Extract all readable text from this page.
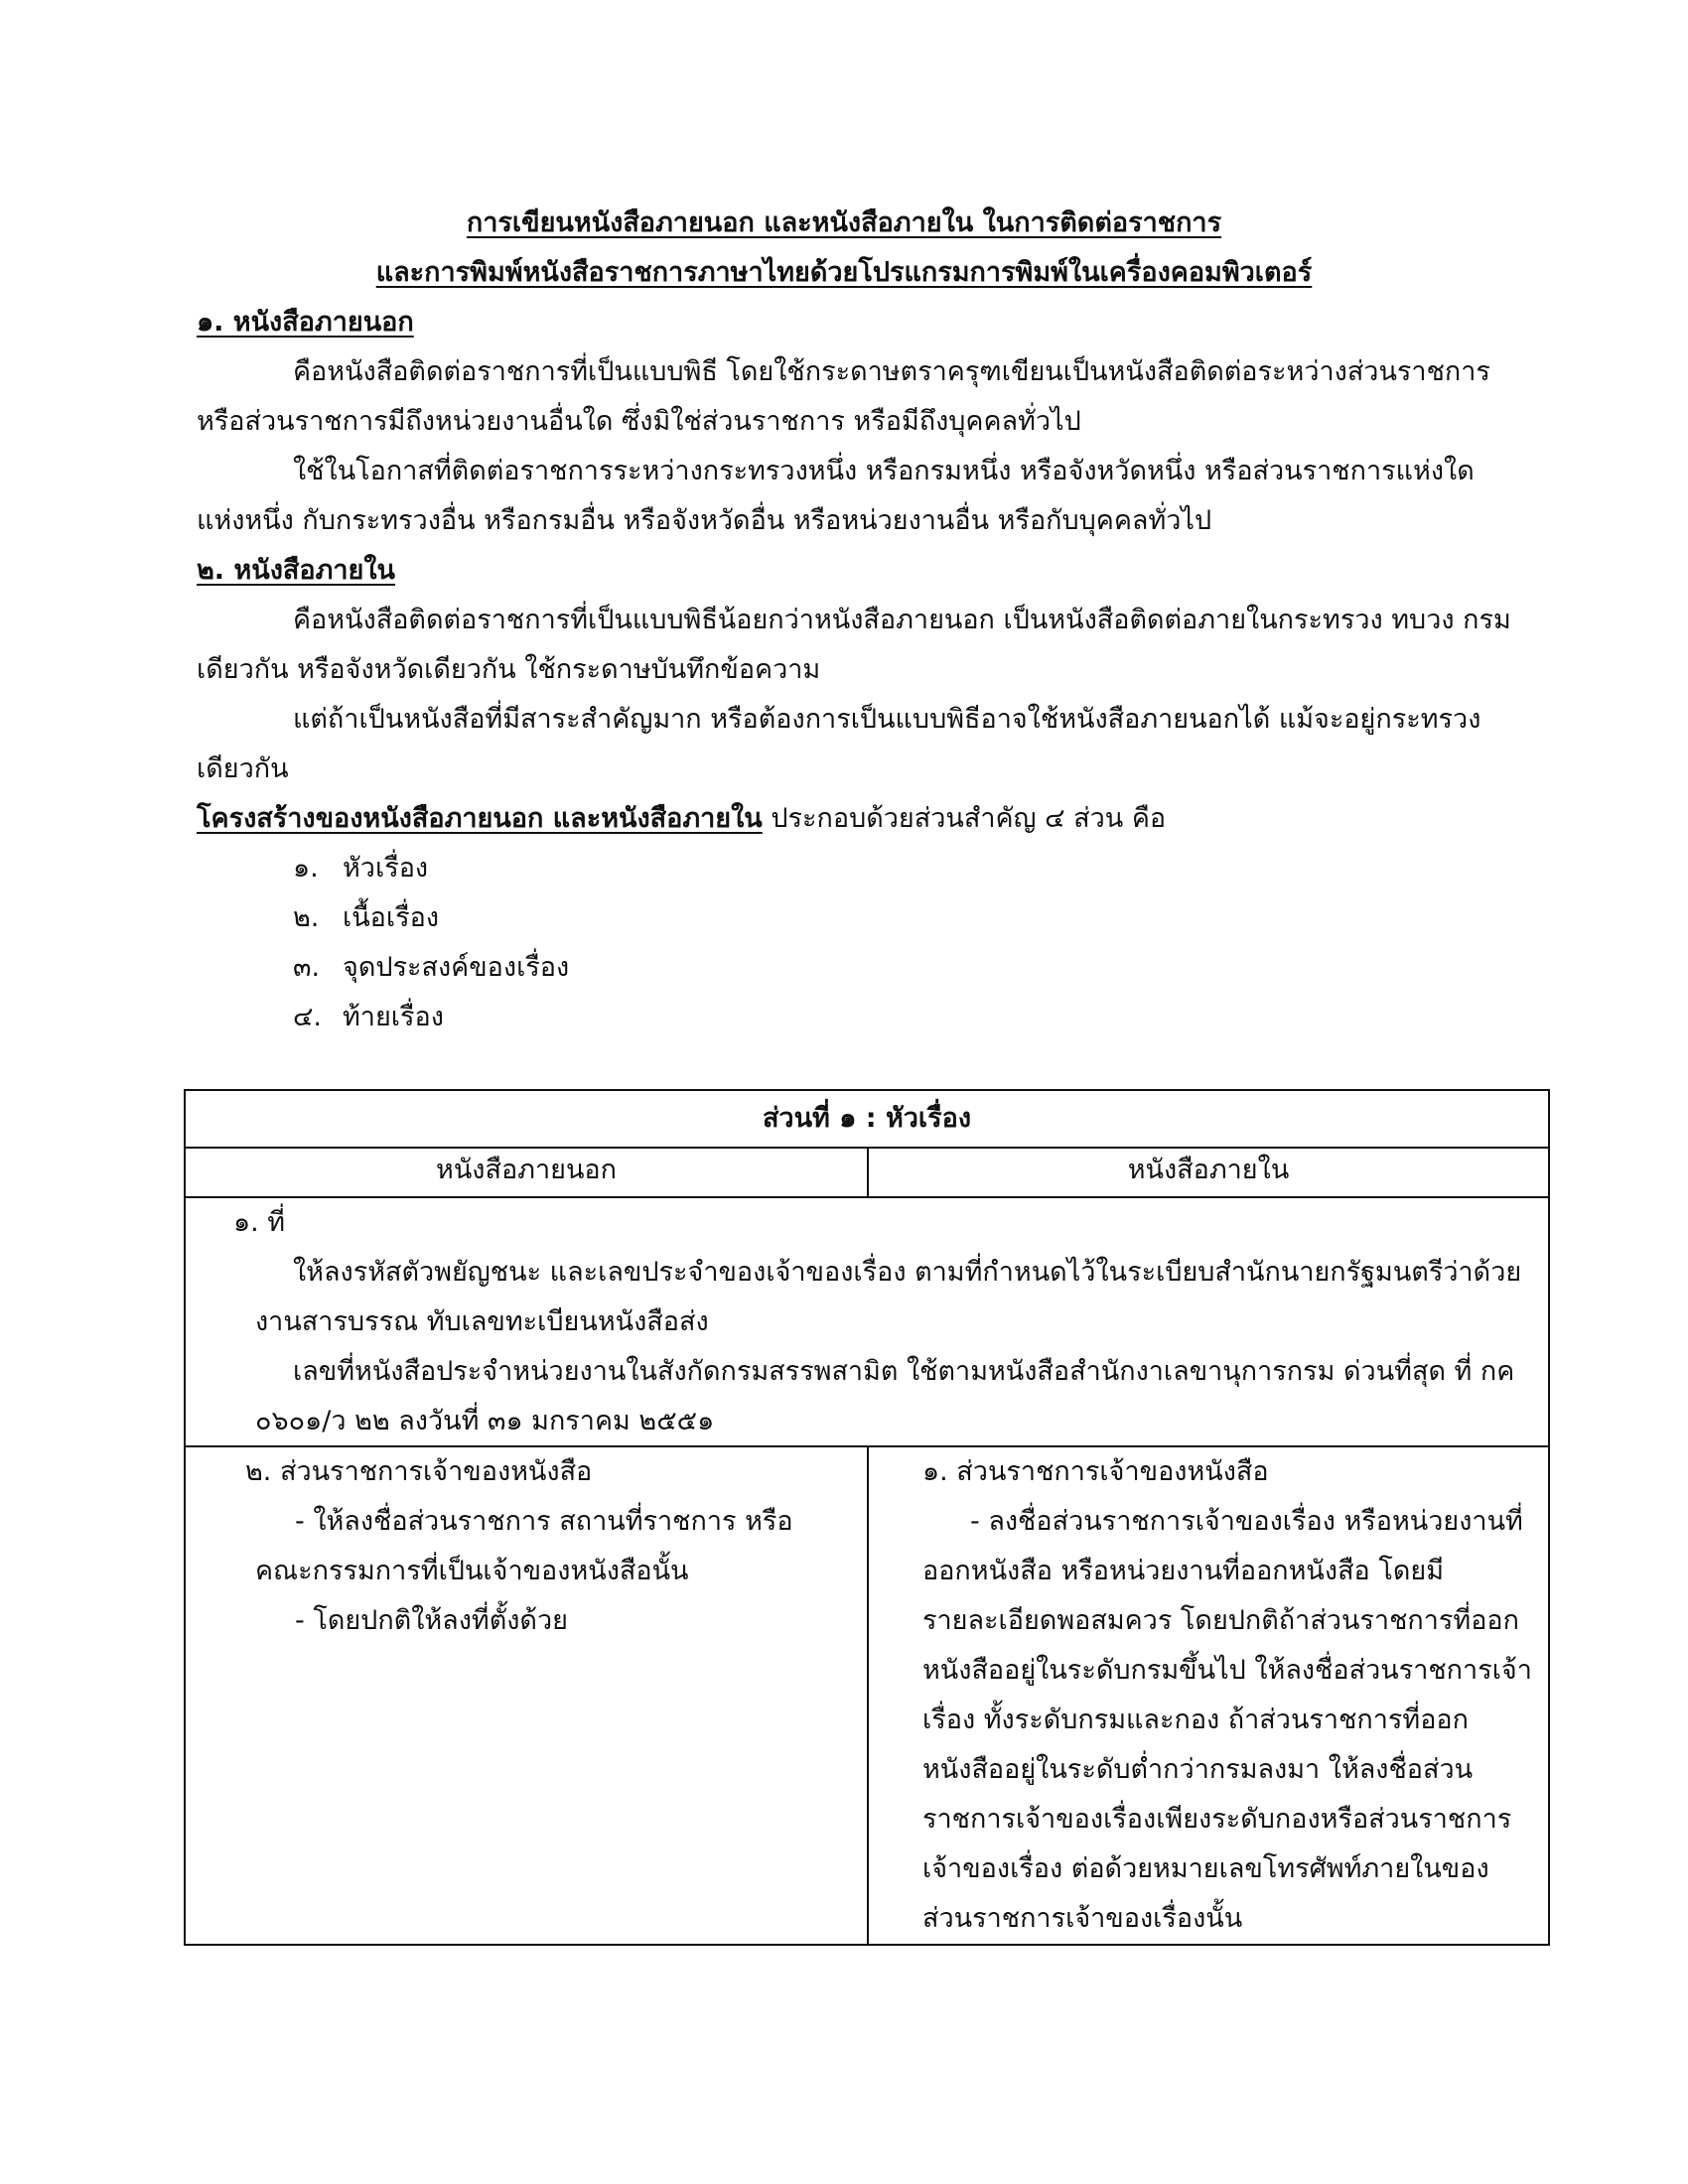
การเขียนหนังสือภายนอก และหนังสือภายใน ในการติดต่อราชการ
และการพิมพ์หนังสือราชการภาษาไทยด้วยโปรแกรมการพิมพ์ในเครื่องคอมพิวเตอร์
๑. หนังสือภายนอก
คือหนังสือติดต่อราชการที่เป็นแบบพิธี โดยใช้กระดาษตราครุฑเขียนเป็นหนังสือติดต่อระหว่างส่วนราชการ
หรือส่วนราชการมีถึงหน่วยงานอื่นใด ซึ่งมิใช่ส่วนราชการ หรือมีถึงบุคคลทั่วไป
ใช้ในโอกาสที่ติดต่อราชการระหว่างกระทรวงหนึ่ง หรือกรมหนึ่ง หรือจังหวัดหนึ่ง หรือส่วนราชการแห่งใด
แห่งหนึ่ง กับกระทรวงอื่น หรือกรมอื่น หรือจังหวัดอื่น หรือหน่วยงานอื่น หรือกับบุคคลทั่วไป
๒. หนังสือภายใน
คือหนังสือติดต่อราชการที่เป็นแบบพิธีน้อยกว่าหนังสือภายนอก เป็นหนังสือติดต่อภายในกระทรวง ทบวง กรม
เดียวกัน หรือจังหวัดเดียวกัน ใช้กระดาษบันทึกข้อความ
แต่ถ้าเป็นหนังสือที่มีสาระสำคัญมาก หรือต้องการเป็นแบบพิธีอาจใช้หนังสือภายนอกได้ แม้จะอยู่กระทรวง
เดียวกัน
โครงสร้างของหนังสือภายนอก และหนังสือภายใน ประกอบด้วยส่วนสำคัญ ๔ ส่วน คือ
๑. หัวเรื่อง
๒. เนื้อเรื่อง
๓. จุดประสงค์ของเรื่อง
๔. ท้ายเรื่อง
ส่วนที่ ๑ : หัวเรื่อง
หนังสือภายนอก	หนังสือภายใน
๑. ที่
ให้ลงรหัสตัวพยัญชนะ และเลขประจำของเจ้าของเรื่อง ตามที่กำหนดไว้ในระเบียบสำนักนายกรัฐมนตรีว่าด้วย
งานสารบรรณ ทับเลขทะเบียนหนังสือส่ง
เลขที่หนังสือประจำหน่วยงานในสังกัดกรมสรรพสามิต ใช้ตามหนังสือสำนักงาเลขานุการกรม ด่วนที่สุด ที่ กค
๐๖๐๑/ว ๒๒ ลงวันที่ ๓๑ มกราคม ๒๕๕๑
๒. ส่วนราชการเจ้าของหนังสือ
- ให้ลงชื่อส่วนราชการ สถานที่ราชการ หรือ
คณะกรรมการที่เป็นเจ้าของหนังสือนั้น
- โดยปกติให้ลงที่ตั้งด้วย
๑. ส่วนราชการเจ้าของหนังสือ
- ลงชื่อส่วนราชการเจ้าของเรื่อง หรือหน่วยงานที่
ออกหนังสือ หรือหน่วยงานที่ออกหนังสือ โดยมี
รายละเอียดพอสมควร โดยปกติถ้าส่วนราชการที่ออก
หนังสืออยู่ในระดับกรมขึ้นไป ให้ลงชื่อส่วนราชการเจ้า
เรื่อง ทั้งระดับกรมและกอง ถ้าส่วนราชการที่ออก
หนังสืออยู่ในระดับต่ำกว่ากรมลงมา ให้ลงชื่อส่วน
ราชการเจ้าของเรื่องเพียงระดับกองหรือส่วนราชการ
เจ้าของเรื่อง ต่อด้วยหมายเลขโทรศัพท์ภายในของ
ส่วนราชการเจ้าของเรื่องนั้น
